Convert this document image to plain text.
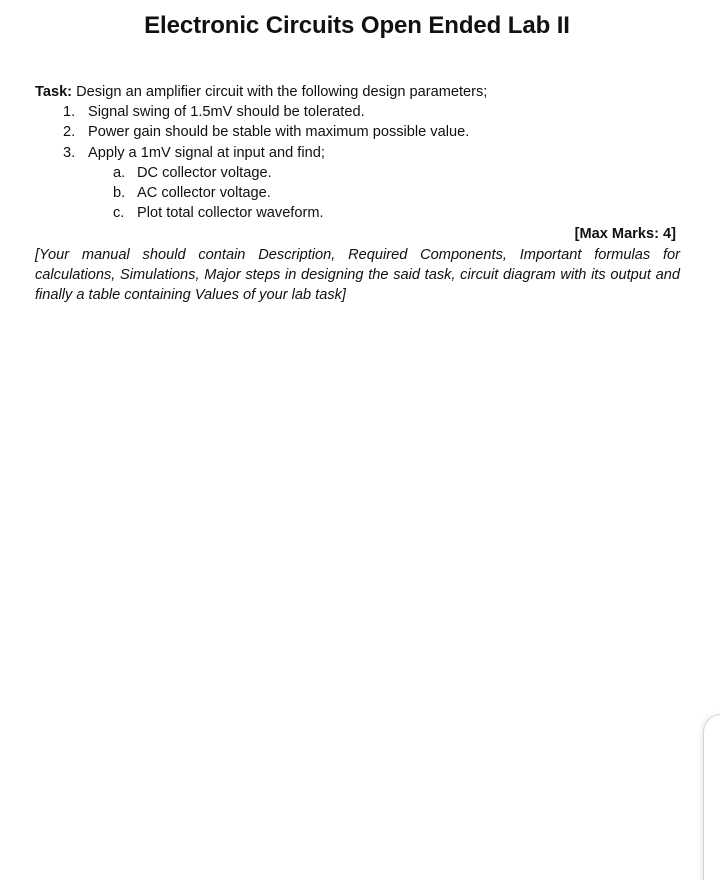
Electronic Circuits Open Ended Lab II

Task: Design an amplifier circuit with the following design parameters;

1. Signal swing of 1.5mV should be tolerated.
2. Power gain should be stable with maximum possible value.
3. Apply a 1mV signal at input and find;
a. DC collector voltage.
b. AC collector voltage.
c. Plot total collector waveform.
[Max Marks: 4]

[Your manual should contain Description, Required Components, Important formulas for calculations, Simulations, Major steps in designing the said task, circuit diagram with its output and finally a table containing Values of your lab task]
